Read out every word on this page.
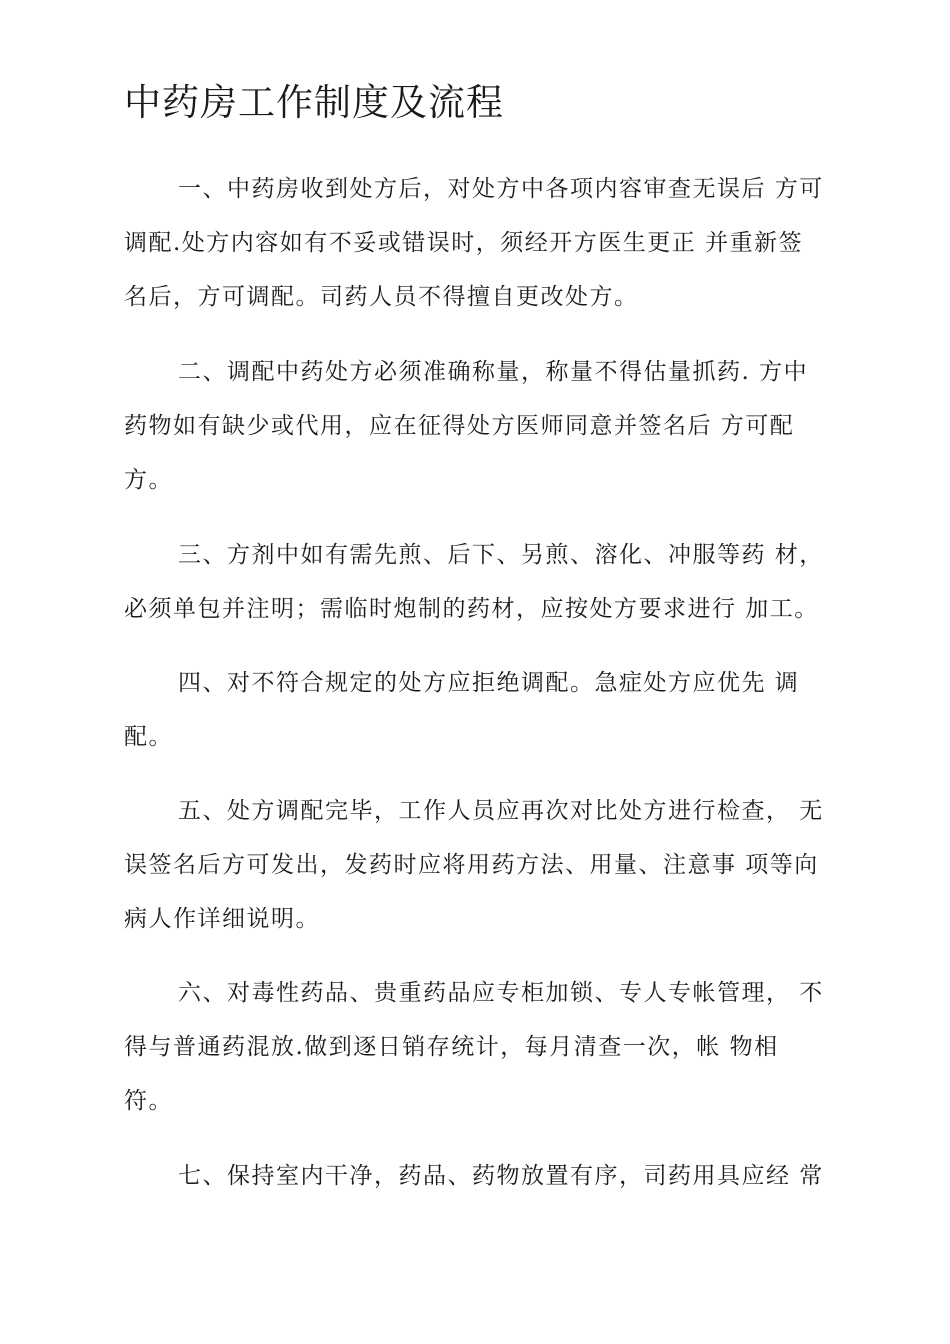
中药房工作制度及流程
一、中药房收到处方后，对处方中各项内容审查无误后 方可
调配.处方内容如有不妥或错误时，须经开方医生更正 并重新签
名后，方可调配。司药人员不得擅自更改处方。
二、调配中药处方必须准确称量，称量不得估量抓药. 方中
药物如有缺少或代用，应在征得处方医师同意并签名后 方可配
方。
三、方剂中如有需先煎、后下、另煎、溶化、冲服等药 材，
必须单包并注明；需临时炮制的药材，应按处方要求进行 加工。
四、对不符合规定的处方应拒绝调配。急症处方应优先 调
配。
五、处方调配完毕，工作人员应再次对比处方进行检查， 无
误签名后方可发出，发药时应将用药方法、用量、注意事 项等向
病人作详细说明。
六、对毒性药品、贵重药品应专柜加锁、专人专帐管理， 不
得与普通药混放.做到逐日销存统计，每月清查一次，帐 物相
符。
七、保持室内干净，药品、药物放置有序，司药用具应经 常
